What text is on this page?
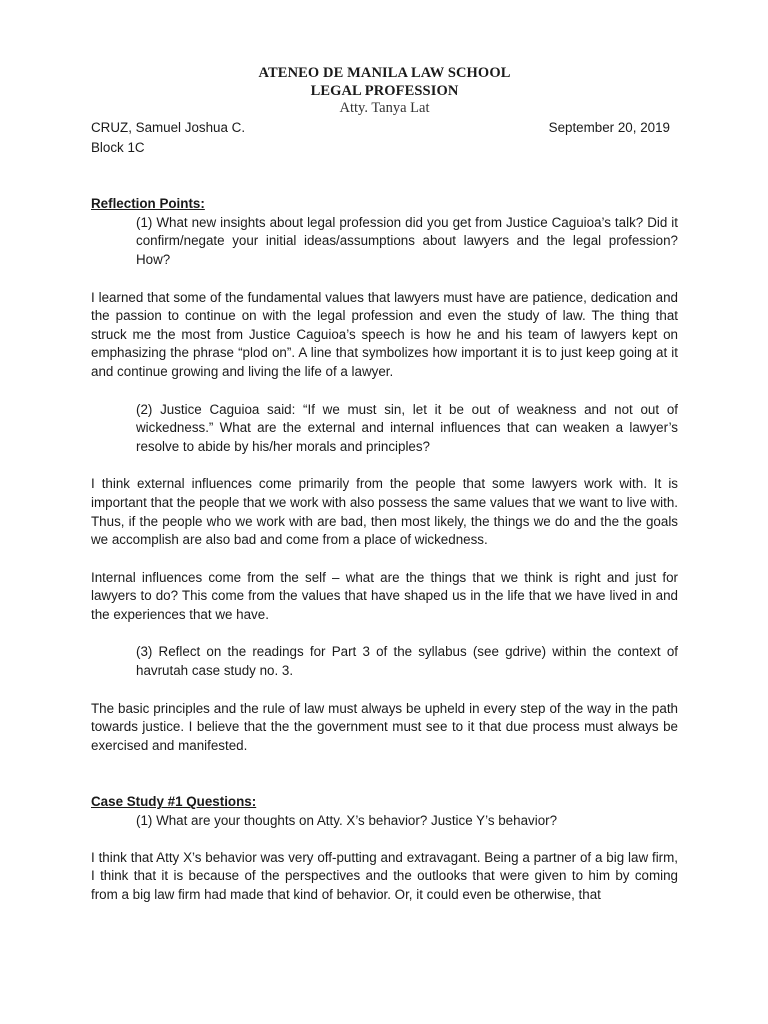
ATENEO DE MANILA LAW SCHOOL
LEGAL PROFESSION
Atty. Tanya Lat
CRUZ, Samuel Joshua C.	September 20, 2019
Block 1C
Reflection Points:
(1) What new insights about legal profession did you get from Justice Caguioa’s talk? Did it confirm/negate your initial ideas/assumptions about lawyers and the legal profession? How?
I learned that some of the fundamental values that lawyers must have are patience, dedication and the passion to continue on with the legal profession and even the study of law. The thing that struck me the most from Justice Caguioa’s speech is how he and his team of lawyers kept on emphasizing the phrase “plod on”. A line that symbolizes how important it is to just keep going at it and continue growing and living the life of a lawyer.
(2) Justice Caguioa said: “If we must sin, let it be out of weakness and not out of wickedness.” What are the external and internal influences that can weaken a lawyer’s resolve to abide by his/her morals and principles?
I think external influences come primarily from the people that some lawyers work with. It is important that the people that we work with also possess the same values that we want to live with. Thus, if the people who we work with are bad, then most likely, the things we do and the the goals we accomplish are also bad and come from a place of wickedness.
Internal influences come from the self – what are the things that we think is right and just for lawyers to do? This come from the values that have shaped us in the life that we have lived in and the experiences that we have.
(3) Reflect on the readings for Part 3 of the syllabus (see gdrive) within the context of havrutah case study no. 3.
The basic principles and the rule of law must always be upheld in every step of the way in the path towards justice. I believe that the the government must see to it that due process must always be exercised and manifested.
Case Study #1 Questions:
(1) What are your thoughts on Atty. X’s behavior? Justice Y’s behavior?
I think that Atty X’s behavior was very off-putting and extravagant. Being a partner of a big law firm, I think that it is because of the perspectives and the outlooks that were given to him by coming from a big law firm had made that kind of behavior. Or, it could even be otherwise, that
